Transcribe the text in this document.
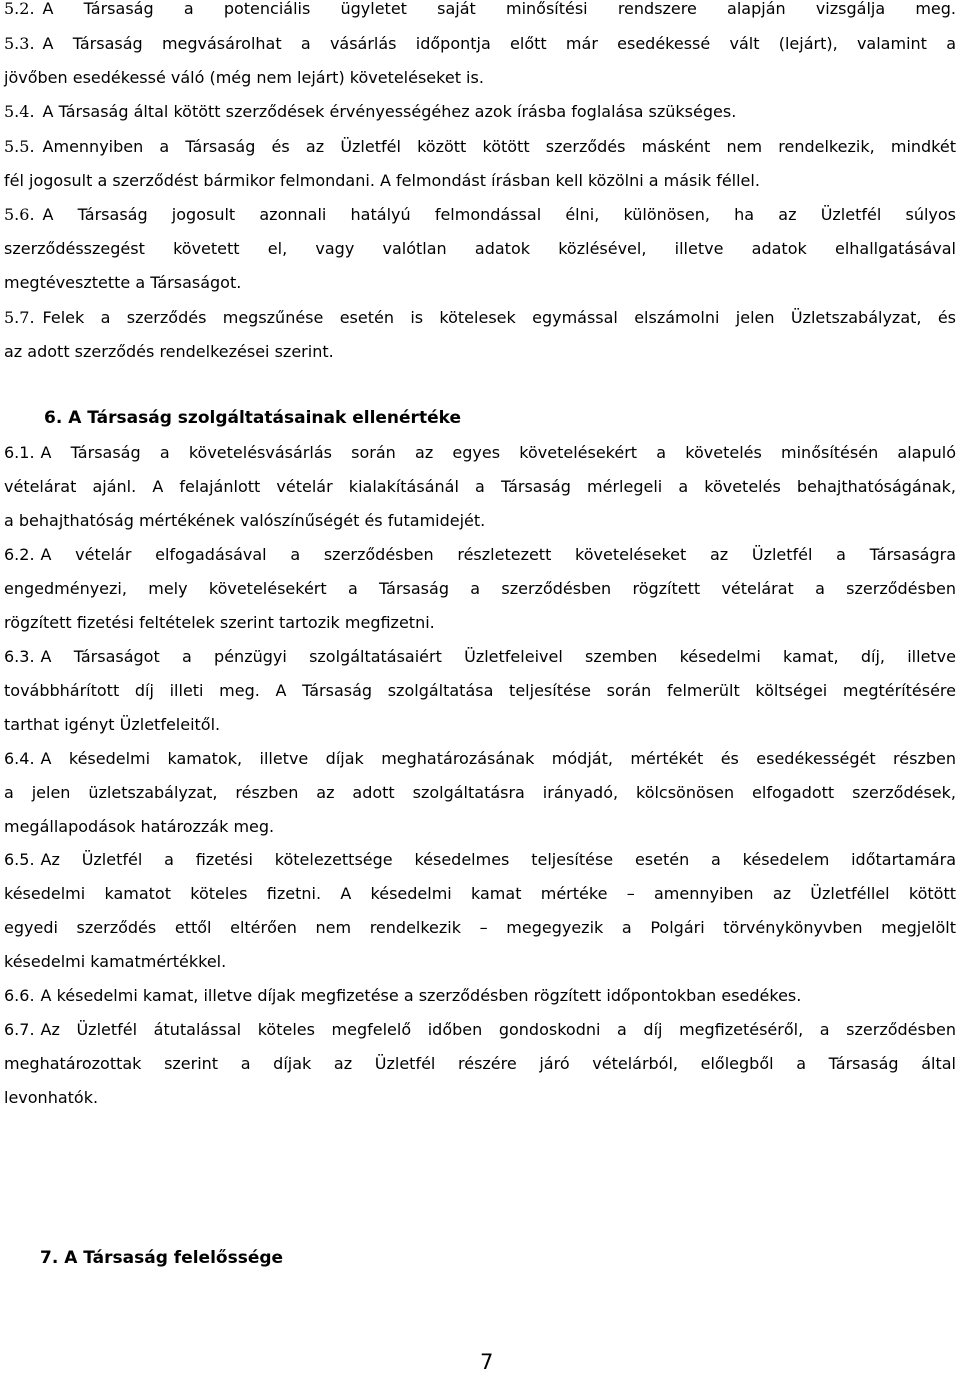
5.2. A Társaság a potenciális ügyletet saját minősítési rendszere alapján vizsgálja meg.
5.3. A Társaság megvásárolhat a vásárlás időpontja előtt már esedékessé vált (lejárt), valamint a
jövőben esedékessé váló (még nem lejárt) követeléseket is.
5.4. A Társaság által kötött szerződések érvényességéhez azok írásba foglalása szükséges.
5.5. Amennyiben a Társaság és az Üzletfél között kötött szerződés másként nem rendelkezik, mindkét
fél jogosult a szerződést bármikor felmondani. A felmondást írásban kell közölni a másik féllel.
5.6. A Társaság jogosult azonnali hatályú felmondással élni, különösen, ha az Üzletfél súlyos
szerződésszegést követett el, vagy valótlan adatok közlésével, illetve adatok elhallgatásával
megtévesztette a Társaságot.
5.7. Felek a szerződés megszűnése esetén is kötelesek egymással elszámolni jelen Üzletszabályzat, és
az adott szerződés rendelkezései szerint.
6. A Társaság szolgáltatásainak ellenértéke
6.1. A Társaság a követelésvásárlás során az egyes követelésekért a követelés minősítésén alapuló
vételárat ajánl. A felajánlott vételár kialakításánál a Társaság mérlegeli a követelés behajthatóságának,
a behajthatóság mértékének valószínűségét és futamidejét.
6.2. A vételár elfogadásával a szerződésben részletezett követeléseket az Üzletfél a Társaságra
engedményezi, mely követelésekért a Társaság a szerződésben rögzített vételárat a szerződésben
rögzített fizetési feltételek szerint tartozik megfizetni.
6.3. A Társaságot a pénzügyi szolgáltatásaiért Üzletfeleivel szemben késedelmi kamat, díj, illetve
továbbhárított díj illeti meg. A Társaság szolgáltatása teljesítése során felmerült költségei megtérítésére
tarthat igényt Üzletfeleitől.
6.4. A késedelmi kamatok, illetve díjak meghatározásának módját, mértékét és esedékességét részben
a jelen üzletszabályzat, részben az adott szolgáltatásra irányadó, kölcsönösen elfogadott szerződések,
megállapodások határozzák meg.
6.5. Az Üzletfél a fizetési kötelezettsége késedelmes teljesítése esetén a késedelem időtartamára
késedelmi kamatot köteles fizetni. A késedelmi kamat mértéke – amennyiben az Üzletféllel kötött
egyedi szerződés ettől eltérően nem rendelkezik – megegyezik a Polgári törvénykönyvben megjelölt
késedelmi kamatmértékkel.
6.6. A késedelmi kamat, illetve díjak megfizetése a szerződésben rögzített időpontokban esedékes.
6.7. Az Üzletfél átutalással köteles megfelelő időben gondoskodni a díj megfizetéséről, a szerződésben
meghatározottak szerint a díjak az Üzletfél részére járó vételárból, előlegből a Társaság által
levonhatók.
7. A Társaság felelőssége
7
